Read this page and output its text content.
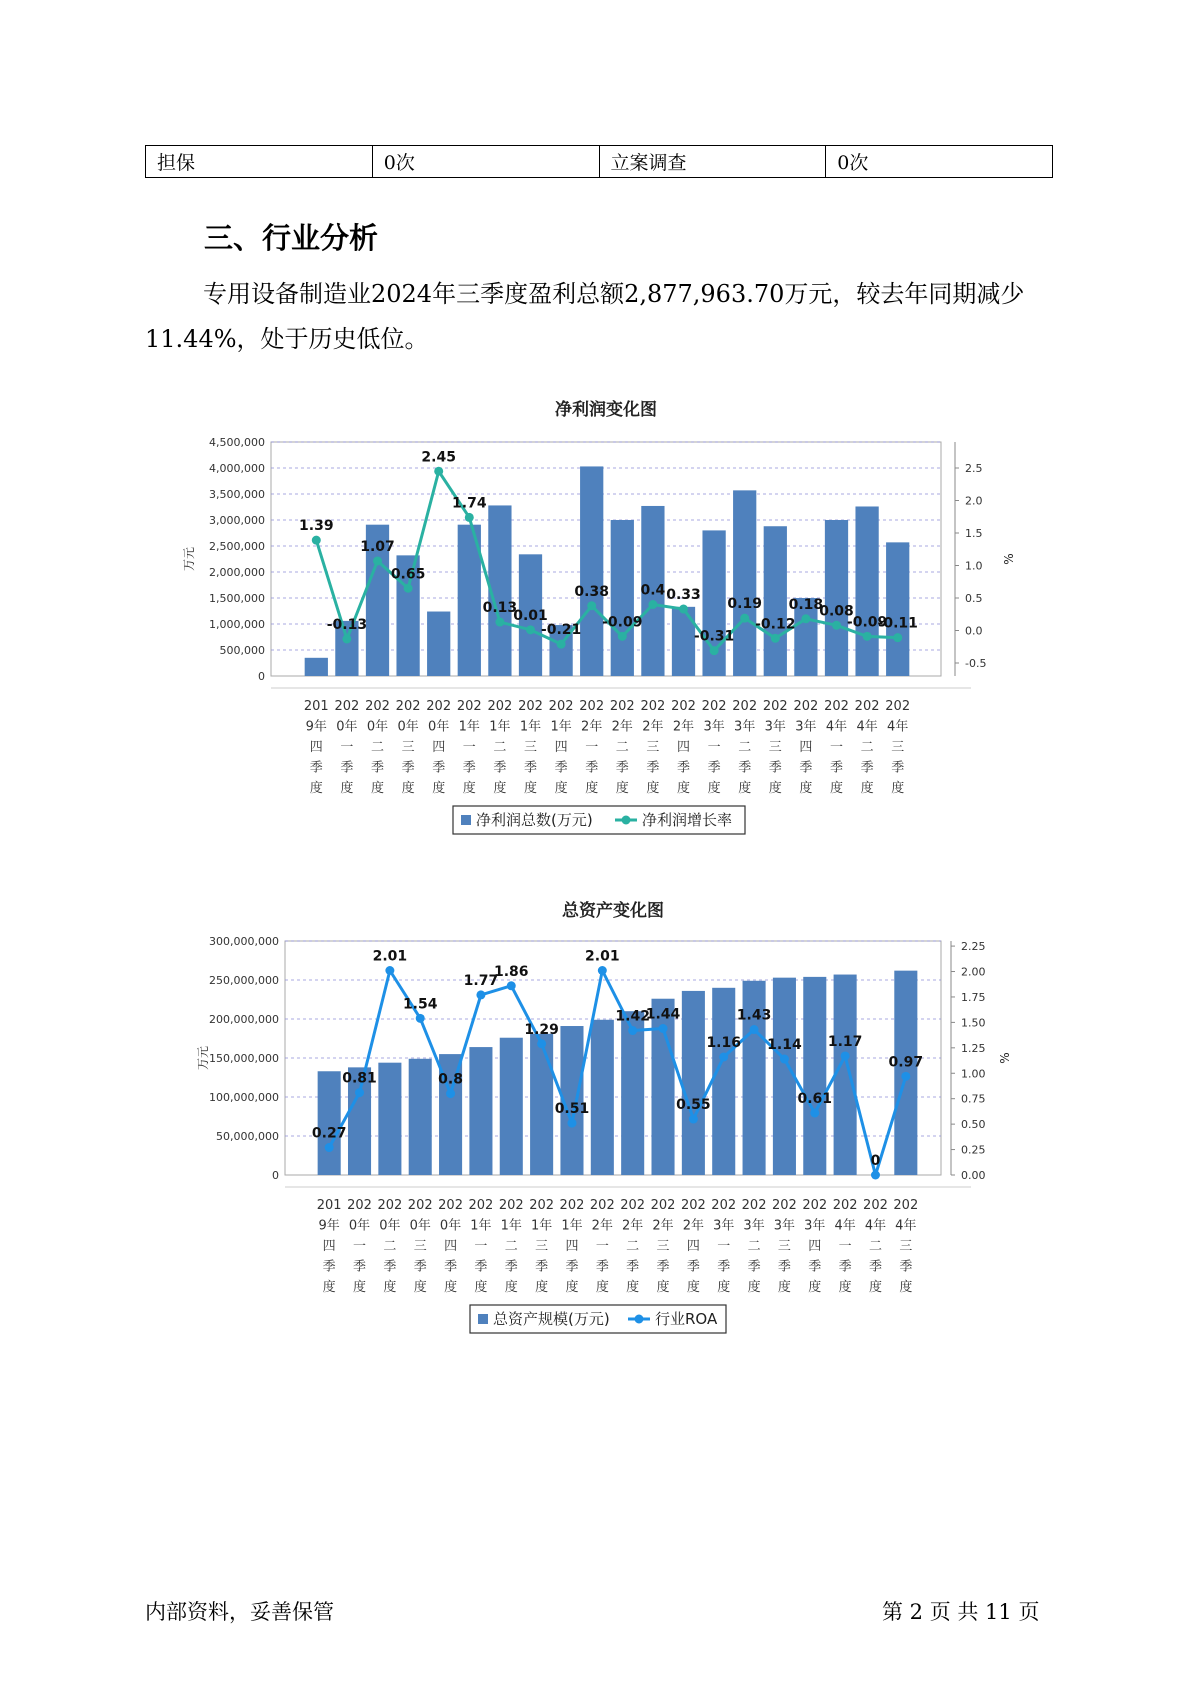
担保	0次	立案调查	0次
三、行业分析

专用设备制造业2024年三季度盈利总额2,877,963.70万元，较去年同期减少11.44%，处于历史低位。

净利润变化图
0
500,000
1,000,000
1,500,000
2,000,000
2,500,000
3,000,000
3,500,000
4,000,000
4,500,000
-0.5
0.0
0.5
1.0
1.5
2.0
2.5
万元	%
1.39
-0.13
1.07
0.65
2.45
1.74
0.13
0.01
-0.21
0.38
-0.09
0.4 0.33
-0.31
0.19
-0.12
0.18
0.08
-0.09
-0.11
201 9年四季度
202 0年一季度
202 0年二季度
202 0年三季度
202 0年四季度
202 1年一季度
202 1年二季度
202 1年三季度
202 1年四季度
202 2年一季度
202 2年二季度
202 2年三季度
202 2年四季度
202 3年一季度
202 3年二季度
202 3年三季度
202 3年四季度
202 4年一季度
202 4年二季度
202 4年三季度
净利润总数(万元)	净利润增长率
总资产变化图
0
50,000,000
100,000,000
150,000,000
200,000,000
250,000,000
300,000,000
0.00
0.25
0.50
0.75
1.00
1.25
1.50
1.75
2.00
2.25
万元	%
0.27
0.81
2.01
1.54
0.8
1.77
1.86
1.29
0.51
2.01
1.42
1.44
0.55
1.16
1.43
1.14
0.61
1.17
0
0.97
201 9年四季度
202 0年一季度
202 0年二季度
202 0年三季度
202 0年四季度
202 1年一季度
202 1年二季度
202 1年三季度
202 1年四季度
202 2年一季度
202 2年二季度
202 2年三季度
202 2年四季度
202 3年一季度
202 3年二季度
202 3年三季度
202 3年四季度
202 4年一季度
202 4年二季度
202 4年三季度
总资产规模(万元)	行业ROA
内部资料，妥善保管	第 2 页 共 11 页
